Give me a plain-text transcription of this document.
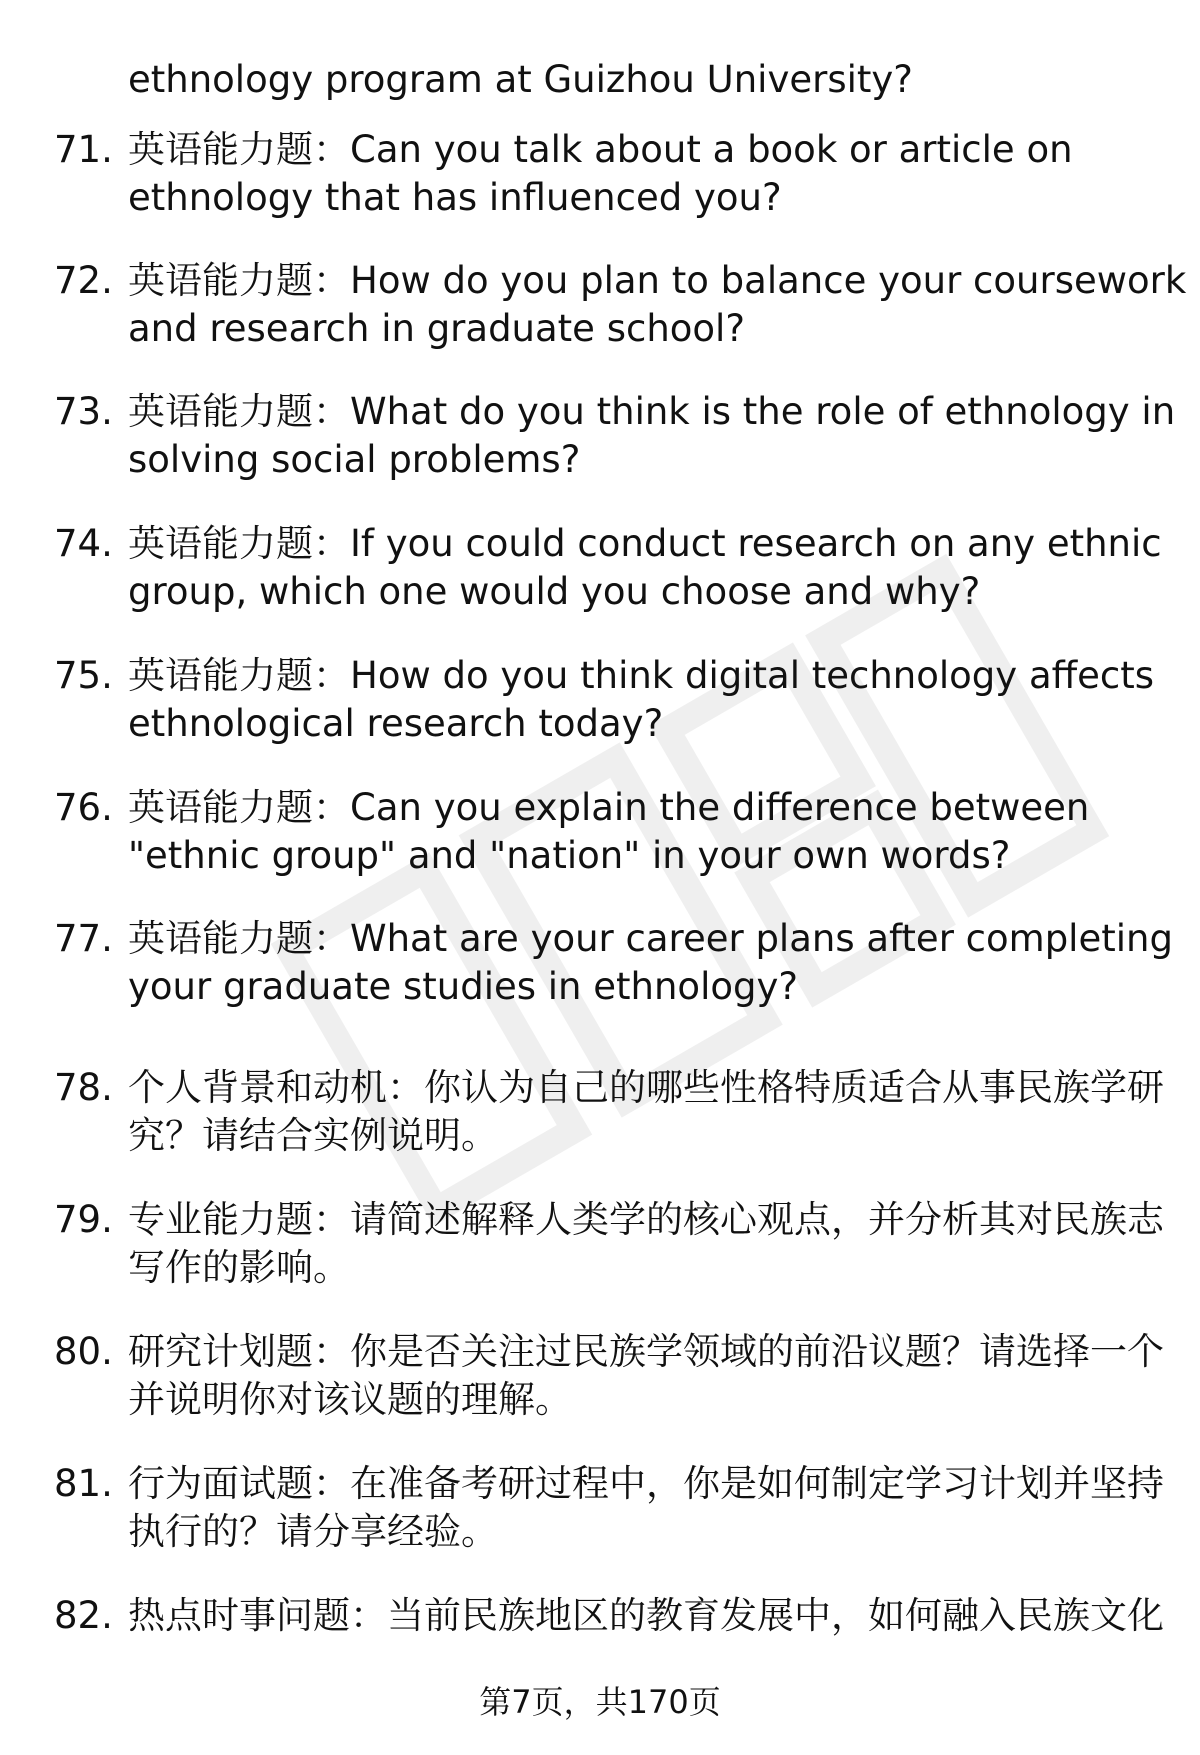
ethnology program at Guizhou University?
71. 英语能力题：Can you talk about a book or article on
ethnology that has influenced you?
72. 英语能力题：How do you plan to balance your coursework
and research in graduate school?
73. 英语能力题：What do you think is the role of ethnology in
solving social problems?
74. 英语能力题：If you could conduct research on any ethnic
group, which one would you choose and why?
75. 英语能力题：How do you think digital technology affects
ethnological research today?
76. 英语能力题：Can you explain the difference between
"ethnic group" and "nation" in your own words?
77. 英语能力题：What are your career plans after completing
your graduate studies in ethnology?
78. 个人背景和动机：你认为自己的哪些性格特质适合从事民族学研
究？请结合实例说明。
79. 专业能力题：请简述解释人类学的核心观点，并分析其对民族志
写作的影响。
80. 研究计划题：你是否关注过民族学领域的前沿议题？请选择一个
并说明你对该议题的理解。
81. 行为面试题：在准备考研过程中，你是如何制定学习计划并坚持
执行的？请分享经验。
82. 热点时事问题：当前民族地区的教育发展中，如何融入民族文化
第7页，共170页
